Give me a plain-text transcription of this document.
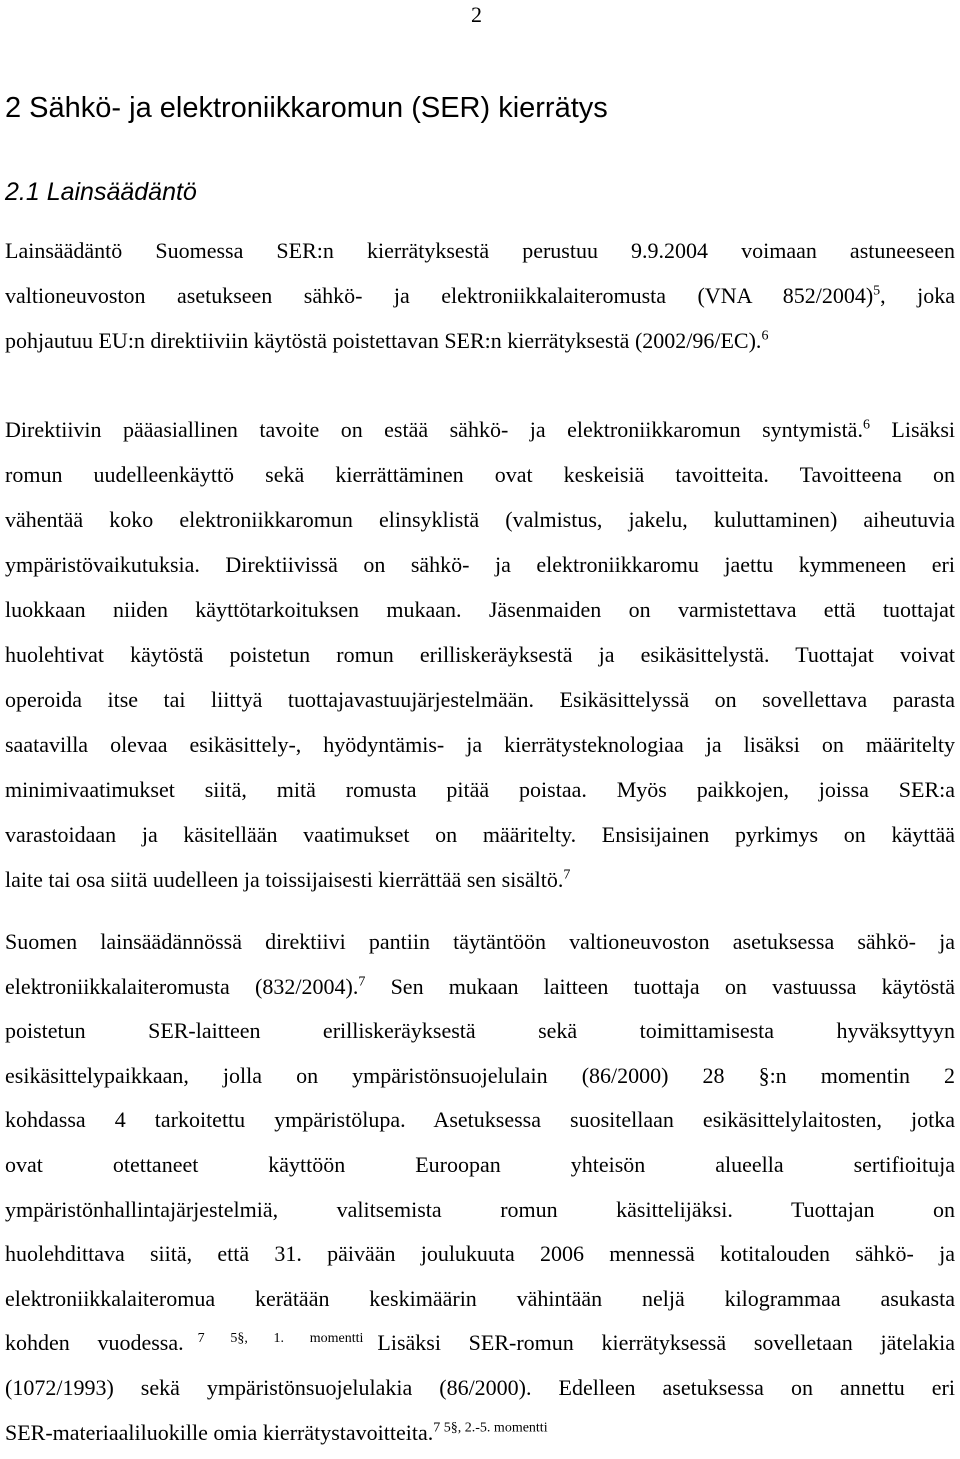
2
2 Sähkö- ja elektroniikkaromun (SER) kierrätys
2.1 Lainsäädäntö
Lainsäädäntö Suomessa SER:n kierrätyksestä perustuu 9.9.2004 voimaan astuneeseen
valtioneuvoston asetukseen sähkö- ja elektroniikkalaiteromusta (VNA 852/2004)$^5$, joka
pohjautuu EU:n direktiiviin käytöstä poistettavan SER:n kierrätyksestä (2002/96/EC).$^6$
Direktiivin pääasiallinen tavoite on estää sähkö- ja elektroniikkaromun syntymistä.$^6$ Lisäksi
romun uudelleenkäyttö sekä kierrättäminen ovat keskeisiä tavoitteita. Tavoitteena on
vähentää koko elektroniikkaromun elinsyklistä (valmistus, jakelu, kuluttaminen) aiheutuvia
ympäristövaikutuksia. Direktiivissä on sähkö- ja elektroniikkaromu jaettu kymmeneen eri
luokkaan niiden käyttötarkoituksen mukaan. Jäsenmaiden on varmistettava että tuottajat
huolehtivat käytöstä poistetun romun erilliskeräyksestä ja esikäsittelystä. Tuottajat voivat
operoida itse tai liittyä tuottajavastuujärjestelmään. Esikäsittelyssä on sovellettava parasta
saatavilla olevaa esikäsittely-, hyödyntämis- ja kierrätysteknologiaa ja lisäksi on määritelty
minimivaatimukset siitä, mitä romusta pitää poistaa. Myös paikkojen, joissa SER:a
varastoidaan ja käsitellään vaatimukset on määritelty. Ensisijainen pyrkimys on käyttää
laite tai osa siitä uudelleen ja toissijaisesti kierrättää sen sisältö.$^7$
Suomen lainsäädännössä direktiivi pantiin täytäntöön valtioneuvoston asetuksessa sähkö- ja
elektroniikkalaiteromusta (832/2004).$^7$ Sen mukaan laitteen tuottaja on vastuussa käytöstä
poistetun SER-laitteen erilliskeräyksestä sekä toimittamisesta hyväksyttyyn
esikäsittelypaikkaan, jolla on ympäristönsuojelulain (86/2000) 28 §:n momentin 2
kohdassa 4 tarkoitettu ympäristölupa. Asetuksessa suositellaan esikäsittelylaitosten, jotka
ovat otettaneet käyttöön Euroopan yhteisön alueella sertifioituja
ympäristönhallintajärjestelmiä, valitsemista romun käsittelijäksi. Tuottajan on
huolehdittava siitä, että 31. päivään joulukuuta 2006 mennessä kotitalouden sähkö- ja
elektroniikkalaiteromua kerätään keskimäärin vähintään neljä kilogrammaa asukasta
kohden vuodessa. $^{7 5\S, 1. momentti}$ Lisäksi SER-romun kierrätyksessä sovelletaan jätelakia
(1072/1993) sekä ympäristönsuojelulakia (86/2000). Edelleen asetuksessa on annettu eri
SER-materiaaliluokille omia kierrätystavoitteita.$^{7 5\S, 2.-5. momentti}$
